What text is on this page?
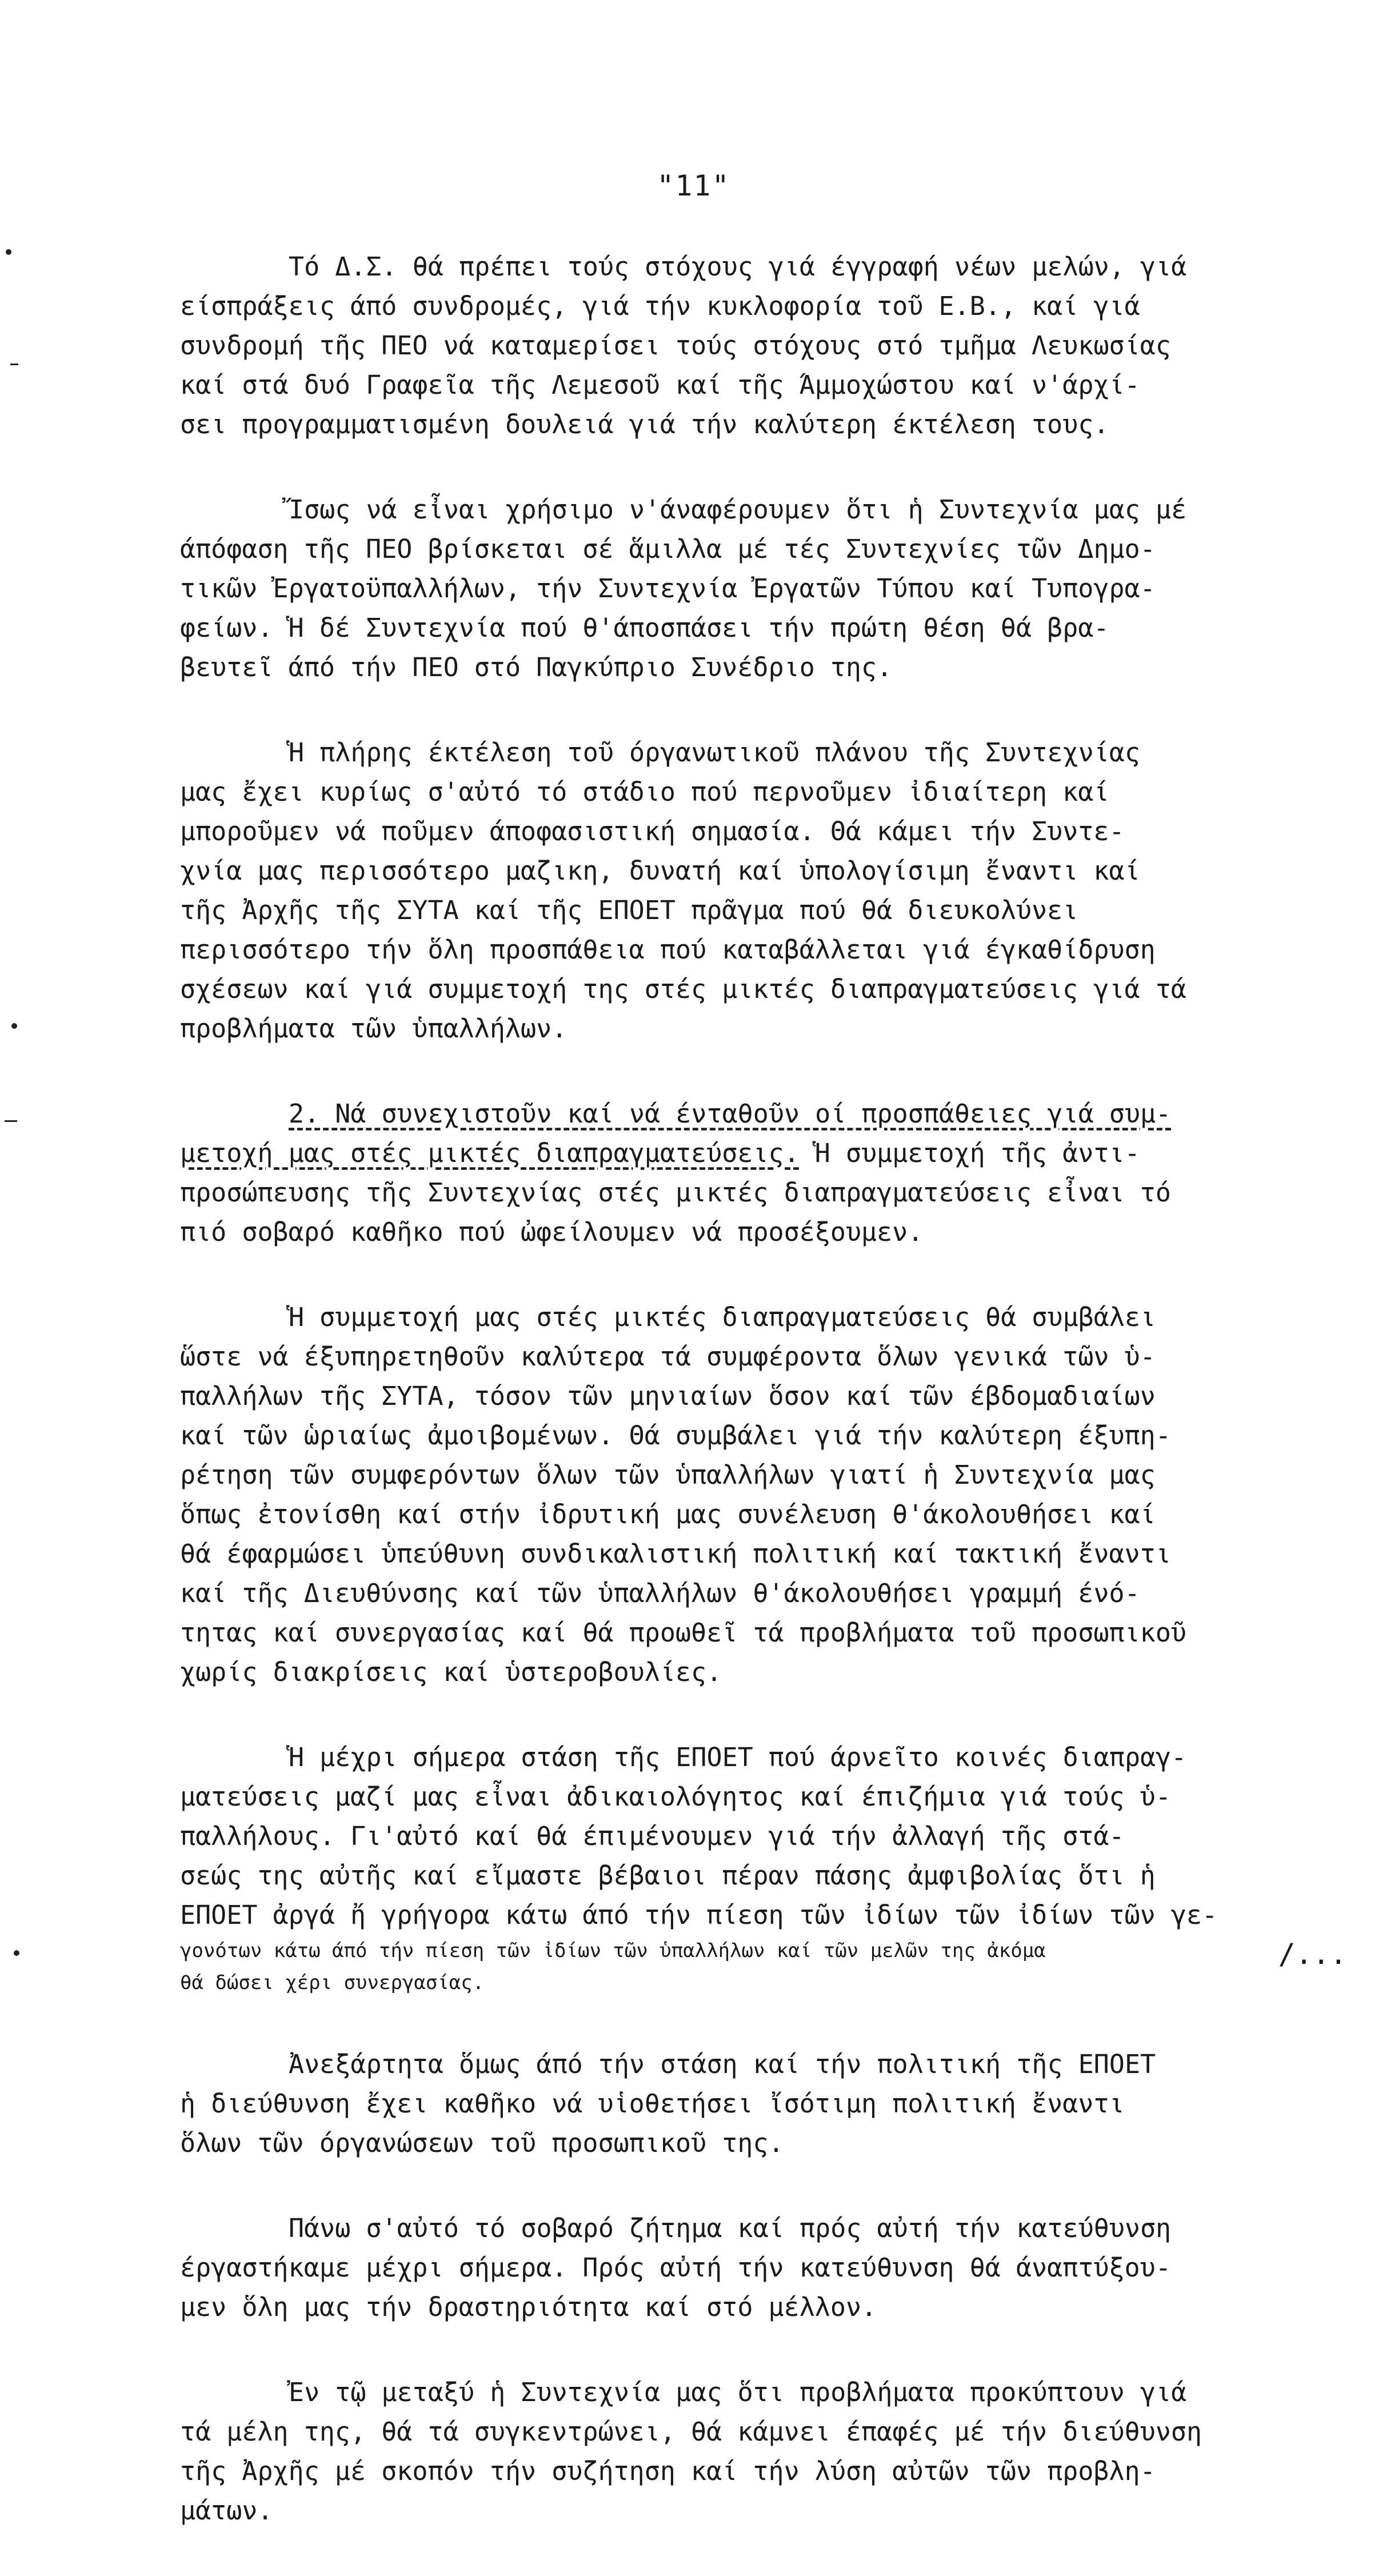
"11"
Τό Δ.Σ. θά πρέπει τούς στόχους γιά έγγραφή νέων μελών, γιά
είσπράξεις άπό συνδρομές, γιά τήν κυκλοφορία τοῦ Ε.Β., καί γιά
συνδρομή τῆς ΠΕΟ νά καταμερίσει τούς στόχους στό τμῆμα Λευκωσίας
καί στά δυό Γραφεῖα τῆς Λεμεσοῦ καί τῆς Άμμοχώστου καί ν'άρχί-
σει προγραμματισμένη δουλειά γιά τήν καλύτερη έκτέλεση τους.
Ἴσως νά εἶναι χρήσιμο ν'άναφέρουμεν ὅτι ἡ Συντεχνία μας μέ
άπόφαση τῆς ΠΕΟ βρίσκεται σέ ἅμιλλα μέ τές Συντεχνίες τῶν Δημο-
τικῶν Ἐργατοϋπαλλήλων, τήν Συντεχνία Ἐργατῶν Τύπου καί Τυπογρα-
φείων. Ἡ δέ Συντεχνία πού θ'άποσπάσει τήν πρώτη θέση θά βρα-
βευτεῖ άπό τήν ΠΕΟ στό Παγκύπριο Συνέδριο της.
Ἡ πλήρης έκτέλεση τοῦ όργανωτικοῦ πλάνου τῆς Συντεχνίας
μας ἔχει κυρίως σ'αὐτό τό στάδιο πού περνοῦμεν ἰδιαίτερη καί
μποροῦμεν νά ποῦμεν άποφασιστική σημασία. Θά κάμει τήν Συντε-
χνία μας περισσότερο μαζικη, δυνατή καί ὑπολογίσιμη ἔναντι καί
τῆς Ἀρχῆς τῆς ΣΥΤΑ καί τῆς ΕΠΟΕΤ πρᾶγμα πού θά διευκολύνει
περισσότερο τήν ὅλη προσπάθεια πού καταβάλλεται γιά έγκαθίδρυση
σχέσεων καί γιά συμμετοχή της στές μικτές διαπραγματεύσεις γιά τά
προβλήματα τῶν ὑπαλλήλων.
2. Νά συνεχιστοῦν καί νά ένταθοῦν οί προσπάθειες γιά συμ-
μετοχή μας στές μικτές διαπραγματεύσεις. Ἡ συμμετοχή τῆς ἀντι-
προσώπευσης τῆς Συντεχνίας στές μικτές διαπραγματεύσεις εἶναι τό
πιό σοβαρό καθῆκο πού ὠφείλουμεν νά προσέξουμεν.
Ἡ συμμετοχή μας στές μικτές διαπραγματεύσεις θά συμβάλει
ὥστε νά έξυπηρετηθοῦν καλύτερα τά συμφέροντα ὅλων γενικά τῶν ὑ-
παλλήλων τῆς ΣΥΤΑ, τόσον τῶν μηνιαίων ὅσον καί τῶν έβδομαδιαίων
καί τῶν ὡριαίως ἀμοιβομένων. Θά συμβάλει γιά τήν καλύτερη έξυπη-
ρέτηση τῶν συμφερόντων ὅλων τῶν ὑπαλλήλων γιατί ἡ Συντεχνία μας
ὅπως ἐτονίσθη καί στήν ἰδρυτική μας συνέλευση θ'άκολουθήσει καί
θά έφαρμώσει ὑπεύθυνη συνδικαλιστική πολιτική καί τακτική ἔναντι
καί τῆς Διευθύνσης καί τῶν ὑπαλλήλων θ'άκολουθήσει γραμμή ένό-
τητας καί συνεργασίας καί θά προωθεῖ τά προβλήματα τοῦ προσωπικοῦ
χωρίς διακρίσεις καί ὑστεροβουλίες.
Ἡ μέχρι σήμερα στάση τῆς ΕΠΟΕΤ πού άρνεῖτο κοινές διαπραγ-
ματεύσεις μαζί μας εἶναι ἀδικαιολόγητος καί έπιζήμια γιά τούς ὑ-
παλλήλους. Γι'αὐτό καί θά έπιμένουμεν γιά τήν ἀλλαγή τῆς στά-
σεώς της αὐτῆς καί εἴμαστε βέβαιοι πέραν πάσης ἀμφιβολίας ὅτι ἡ
ΕΠΟΕΤ ἀργά ἤ γρήγορα κάτω άπό τήν πίεση τῶν ἰδίων τῶν ἰδίων τῶν γε-
γονότων κάτω άπό τήν πίεση τῶν ἰδίων τῶν ὑπαλλήλων καί τῶν μελῶν της ἀκόμα
θά δώσει χέρι συνεργασίας.
Ἀνεξάρτητα ὅμως άπό τήν στάση καί τήν πολιτική τῆς ΕΠΟΕΤ
ἡ διεύθυνση ἔχει καθῆκο νά υἱοθετήσει ἴσότιμη πολιτική ἔναντι
ὅλων τῶν όργανώσεων τοῦ προσωπικοῦ της.
Πάνω σ'αὐτό τό σοβαρό ζήτημα καί πρός αὐτή τήν κατεύθυνση
έργαστήκαμε μέχρι σήμερα. Πρός αὐτή τήν κατεύθυνση θά άναπτύξου-
μεν ὅλη μας τήν δραστηριότητα καί στό μέλλον.
Ἐν τῷ μεταξύ ἡ Συντεχνία μας ὅτι προβλήματα προκύπτουν γιά
τά μέλη της, θά τά συγκεντρώνει, θά κάμνει έπαφές μέ τήν διεύθυνση
τῆς Ἀρχῆς μέ σκοπόν τήν συζήτηση καί τήν λύση αὐτῶν τῶν προβλη-
μάτων.
/...
